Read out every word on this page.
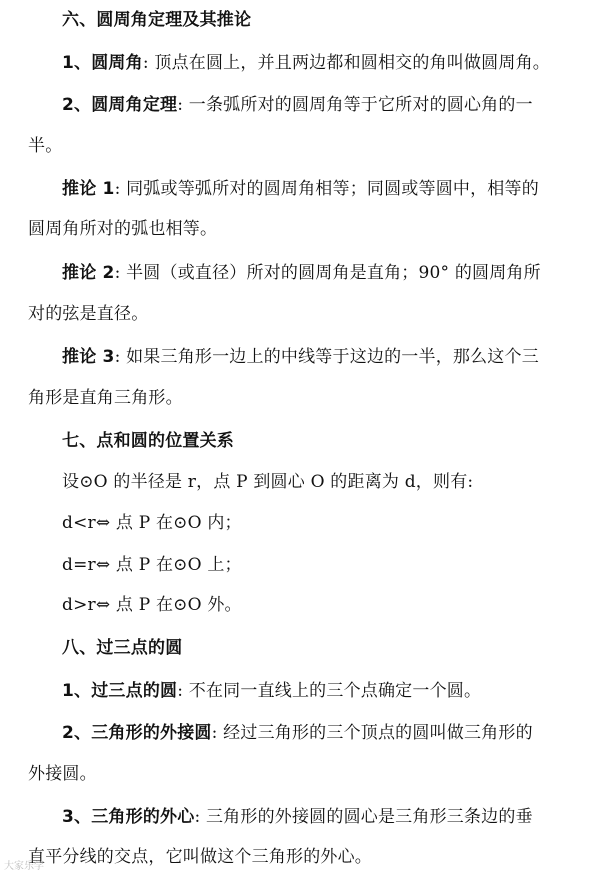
六、圆周角定理及其推论
1、圆周角: 顶点在圆上，并且两边都和圆相交的角叫做圆周角。
2、圆周角定理: 一条弧所对的圆周角等于它所对的圆心角的一
半。
推论 1: 同弧或等弧所对的圆周角相等；同圆或等圆中，相等的
圆周角所对的弧也相等。
推论 2: 半圆（或直径）所对的圆周角是直角；90° 的圆周角所
对的弦是直径。
推论 3: 如果三角形一边上的中线等于这边的一半，那么这个三
角形是直角三角形。
七、点和圆的位置关系
设⊙O 的半径是 r，点 P 到圆心 O 的距离为 d，则有:
d<r⇔ 点 P 在⊙O 内；
d=r⇔ 点 P 在⊙O 上；
d>r⇔ 点 P 在⊙O 外。
八、过三点的圆
1、过三点的圆: 不在同一直线上的三个点确定一个圆。
2、三角形的外接圆: 经过三角形的三个顶点的圆叫做三角形的
外接圆。
3、三角形的外心: 三角形的外接圆的圆心是三角形三条边的垂
直平分线的交点，它叫做这个三角形的外心。
大家乐学
